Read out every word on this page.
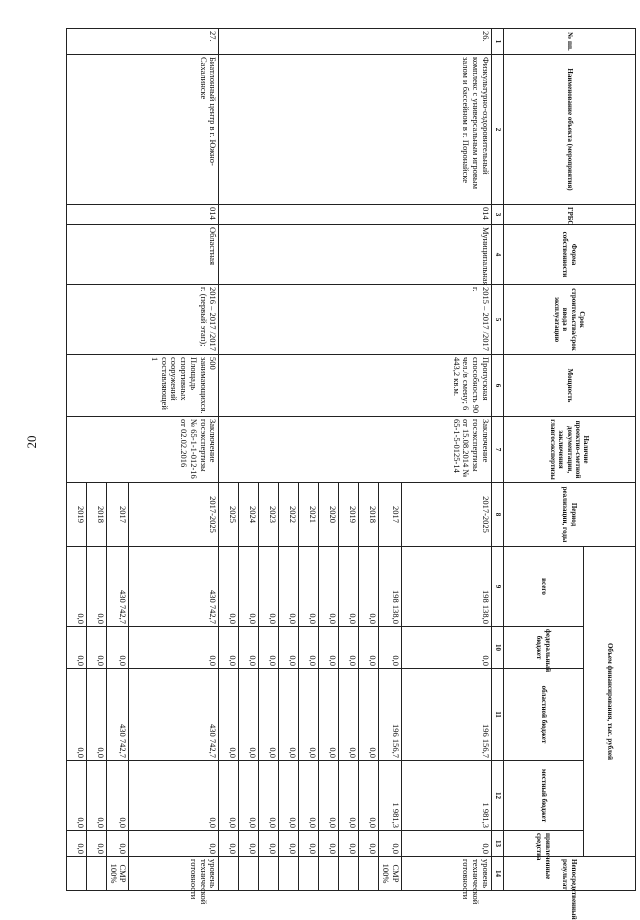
20
№ пп.	Наименование объекта (мероприятия)	ГРБС	Форма собственности	Срок строительства/срок ввода в эксплуатацию	Мощность	Наличие проектно-сметной документации, заключения главгосэкспертизы	Период реализации, годы	Объем финансирования, тыс. рублей					Непосредственный результат
								всего	федеральный бюджет	областной бюджет	местный бюджет	привлеченные средства	
1	2	3	4	5	6	7	8	9	10	11	12	13	14
26.	Физкультурно-оздоровительный комплекс с универсальным игровым залом и бассейном в г. Поронайске	014	Муниципальная	2015 – 2017 /2017 г.	Пропускная способность 90 чел./в смену; 6 443,2 кв.м.	Заключение госэкспертизы от 15.08.2014 № 65-1-5-0125-14	2017-2025	198 138,0	0,0	196 156,7	1 981,3	0,0	уровень технической готовности
							2017	198 138,0	0,0	196 156,7	1 981,3	0,0	СМР 100%
							2018	0,0	0,0	0,0	0,0	0,0	
							2019	0,0	0,0	0,0	0,0	0,0	
							2020	0,0	0,0	0,0	0,0	0,0	
							2021	0,0	0,0	0,0	0,0	0,0	
							2022	0,0	0,0	0,0	0,0	0,0	
							2023	0,0	0,0	0,0	0,0	0,0	
							2024	0,0	0,0	0,0	0,0	0,0	
							2025	0,0	0,0	0,0	0,0	0,0	
27.	Биатлонный центр в г. Южно-Сахалинске	014	Областная	2016 – 2017 /2017 г. (первый этап);	500 занимающихся. Площадь спортивных сооружений составляющей 1	Заключение госэкспертизы № 65-1-1-012-16 от 02.02.2016	2017-2025	430 742,7	0,0	430 742,7	0,0	0,0	уровень технической готовности
							2017	430 742,7	0,0	430 742,7	0,0	0,0	СМР 100%
							2018	0,0	0,0	0,0	0,0	0,0	
							2019	0,0	0,0	0,0	0,0	0,0	
